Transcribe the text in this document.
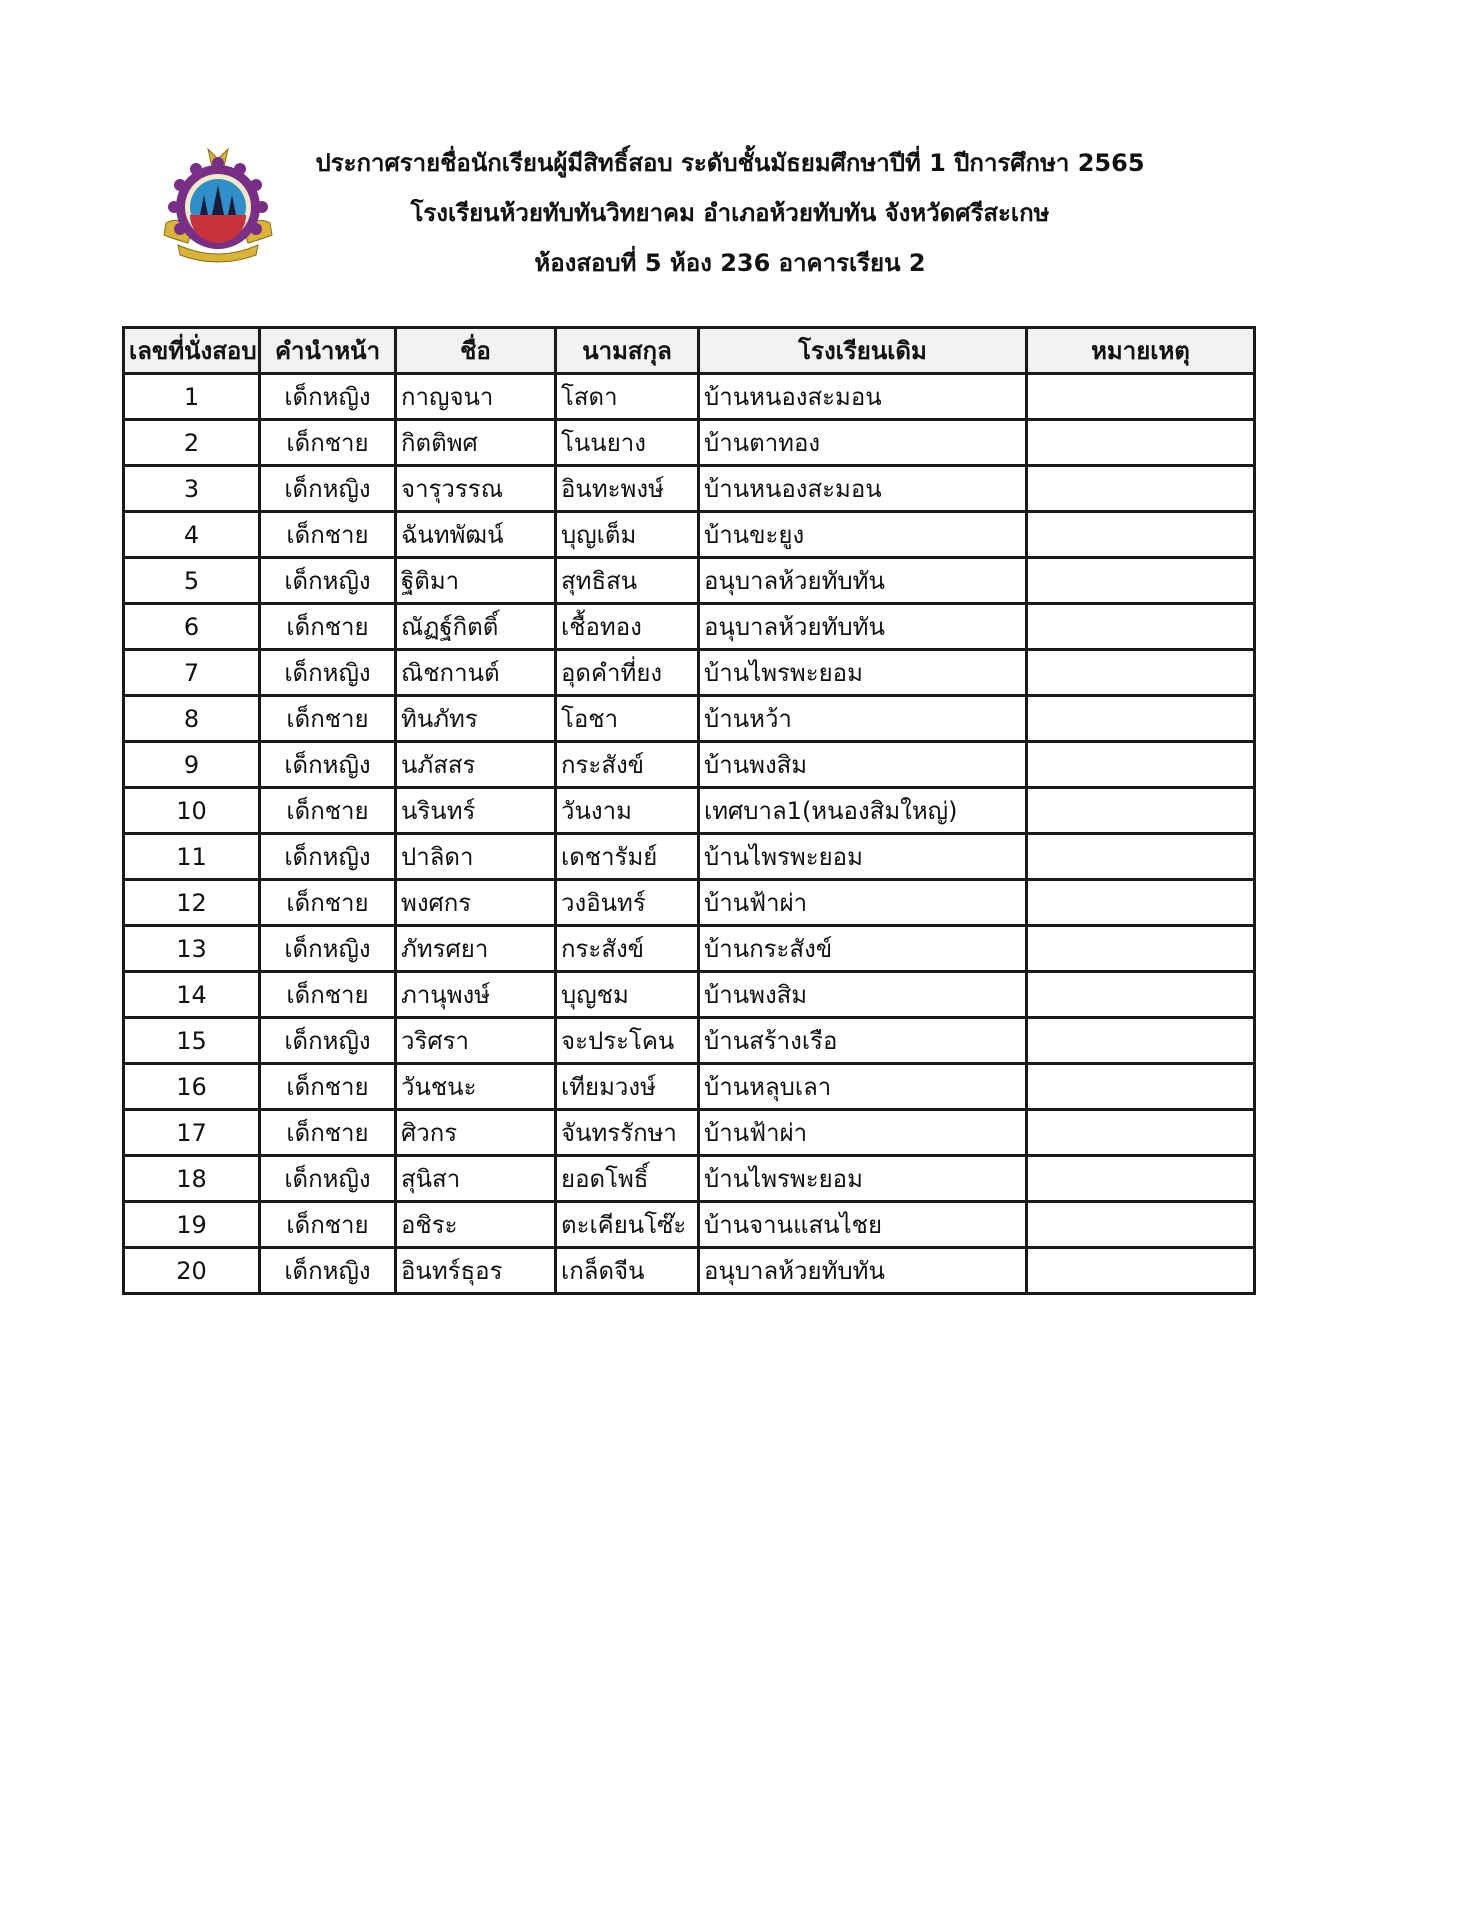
ประกาศรายชื่อนักเรียนผู้มีสิทธิ์สอบ ระดับชั้นมัธยมศึกษาปีที่ 1 ปีการศึกษา 2565
โรงเรียนห้วยทับทันวิทยาคม อำเภอห้วยทับทัน จังหวัดศรีสะเกษ
ห้องสอบที่ 5 ห้อง 236 อาคารเรียน 2
เลขที่นั่งสอบ	คำนำหน้า	ชื่อ	นามสกุล	โรงเรียนเดิม	หมายเหตุ
1	เด็กหญิง	กาญจนา	โสดา	บ้านหนองสะมอน	
2	เด็กชาย	กิตติพศ	โนนยาง	บ้านตาทอง	
3	เด็กหญิง	จารุวรรณ	อินทะพงษ์	บ้านหนองสะมอน	
4	เด็กชาย	ฉันทพัฒน์	บุญเต็ม	บ้านขะยูง	
5	เด็กหญิง	ฐิติมา	สุทธิสน	อนุบาลห้วยทับทัน	
6	เด็กชาย	ณัฏฐ์กิตติ์	เชื้อทอง	อนุบาลห้วยทับทัน	
7	เด็กหญิง	ณิชกานต์	อุดคำที่ยง	บ้านไพรพะยอม	
8	เด็กชาย	ทินภัทร	โอชา	บ้านหว้า	
9	เด็กหญิง	นภัสสร	กระสังข์	บ้านพงสิม	
10	เด็กชาย	นรินทร์	วันงาม	เทศบาล1(หนองสิมใหญ่)	
11	เด็กหญิง	ปาลิดา	เดชารัมย์	บ้านไพรพะยอม	
12	เด็กชาย	พงศกร	วงอินทร์	บ้านฟ้าผ่า	
13	เด็กหญิง	ภัทรศยา	กระสังข์	บ้านกระสังข์	
14	เด็กชาย	ภานุพงษ์	บุญชม	บ้านพงสิม	
15	เด็กหญิง	วริศรา	จะประโคน	บ้านสร้างเรือ	
16	เด็กชาย	วันชนะ	เทียมวงษ์	บ้านหลุบเลา	
17	เด็กชาย	ศิวกร	จันทรรักษา	บ้านฟ้าผ่า	
18	เด็กหญิง	สุนิสา	ยอดโพธิ์	บ้านไพรพะยอม	
19	เด็กชาย	อชิระ	ตะเคียนโซ๊ะ	บ้านจานแสนไชย	
20	เด็กหญิง	อินทร์ธุอร	เกล็ดจีน	อนุบาลห้วยทับทัน	
